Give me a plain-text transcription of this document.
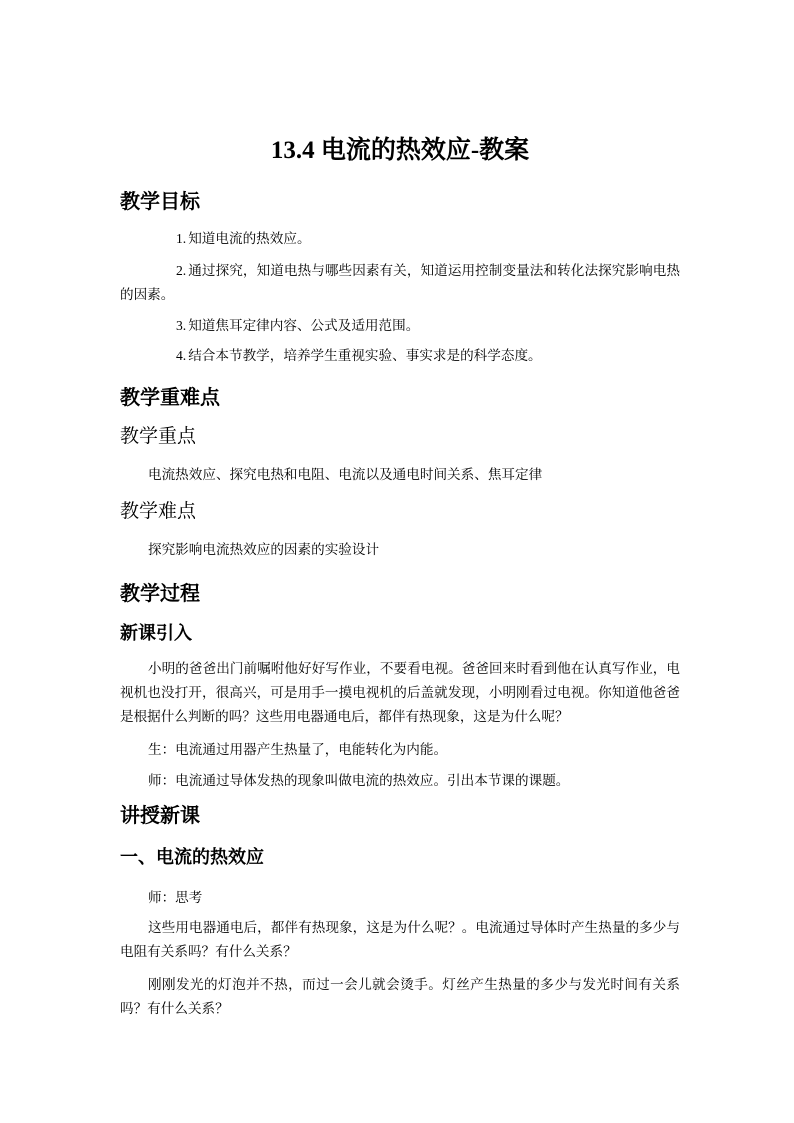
13.4 电流的热效应-教案
教学目标

1. 知道电流的热效应。

2. 通过探究，知道电热与哪些因素有关，知道运用控制变量法和转化法探究影响电热的因素。

3. 知道焦耳定律内容、公式及适用范围。

4. 结合本节教学，培养学生重视实验、事实求是的科学态度。

教学重难点
教学重点

电流热效应、探究电热和电阻、电流以及通电时间关系、焦耳定律

教学难点

探究影响电流热效应的因素的实验设计

教学过程
新课引入

小明的爸爸出门前嘱咐他好好写作业，不要看电视。爸爸回来时看到他在认真写作业，电视机也没打开，很高兴，可是用手一摸电视机的后盖就发现，小明刚看过电视。你知道他爸爸是根据什么判断的吗？这些用电器通电后，都伴有热现象，这是为什么呢？

生：电流通过用器产生热量了，电能转化为内能。

师：电流通过导体发热的现象叫做电流的热效应。引出本节课的课题。

讲授新课
一、电流的热效应

师：思考

这些用电器通电后，都伴有热现象，这是为什么呢？。电流通过导体时产生热量的多少与电阻有关系吗？有什么关系？

刚刚发光的灯泡并不热，而过一会儿就会烫手。灯丝产生热量的多少与发光时间有关系吗？有什么关系？
